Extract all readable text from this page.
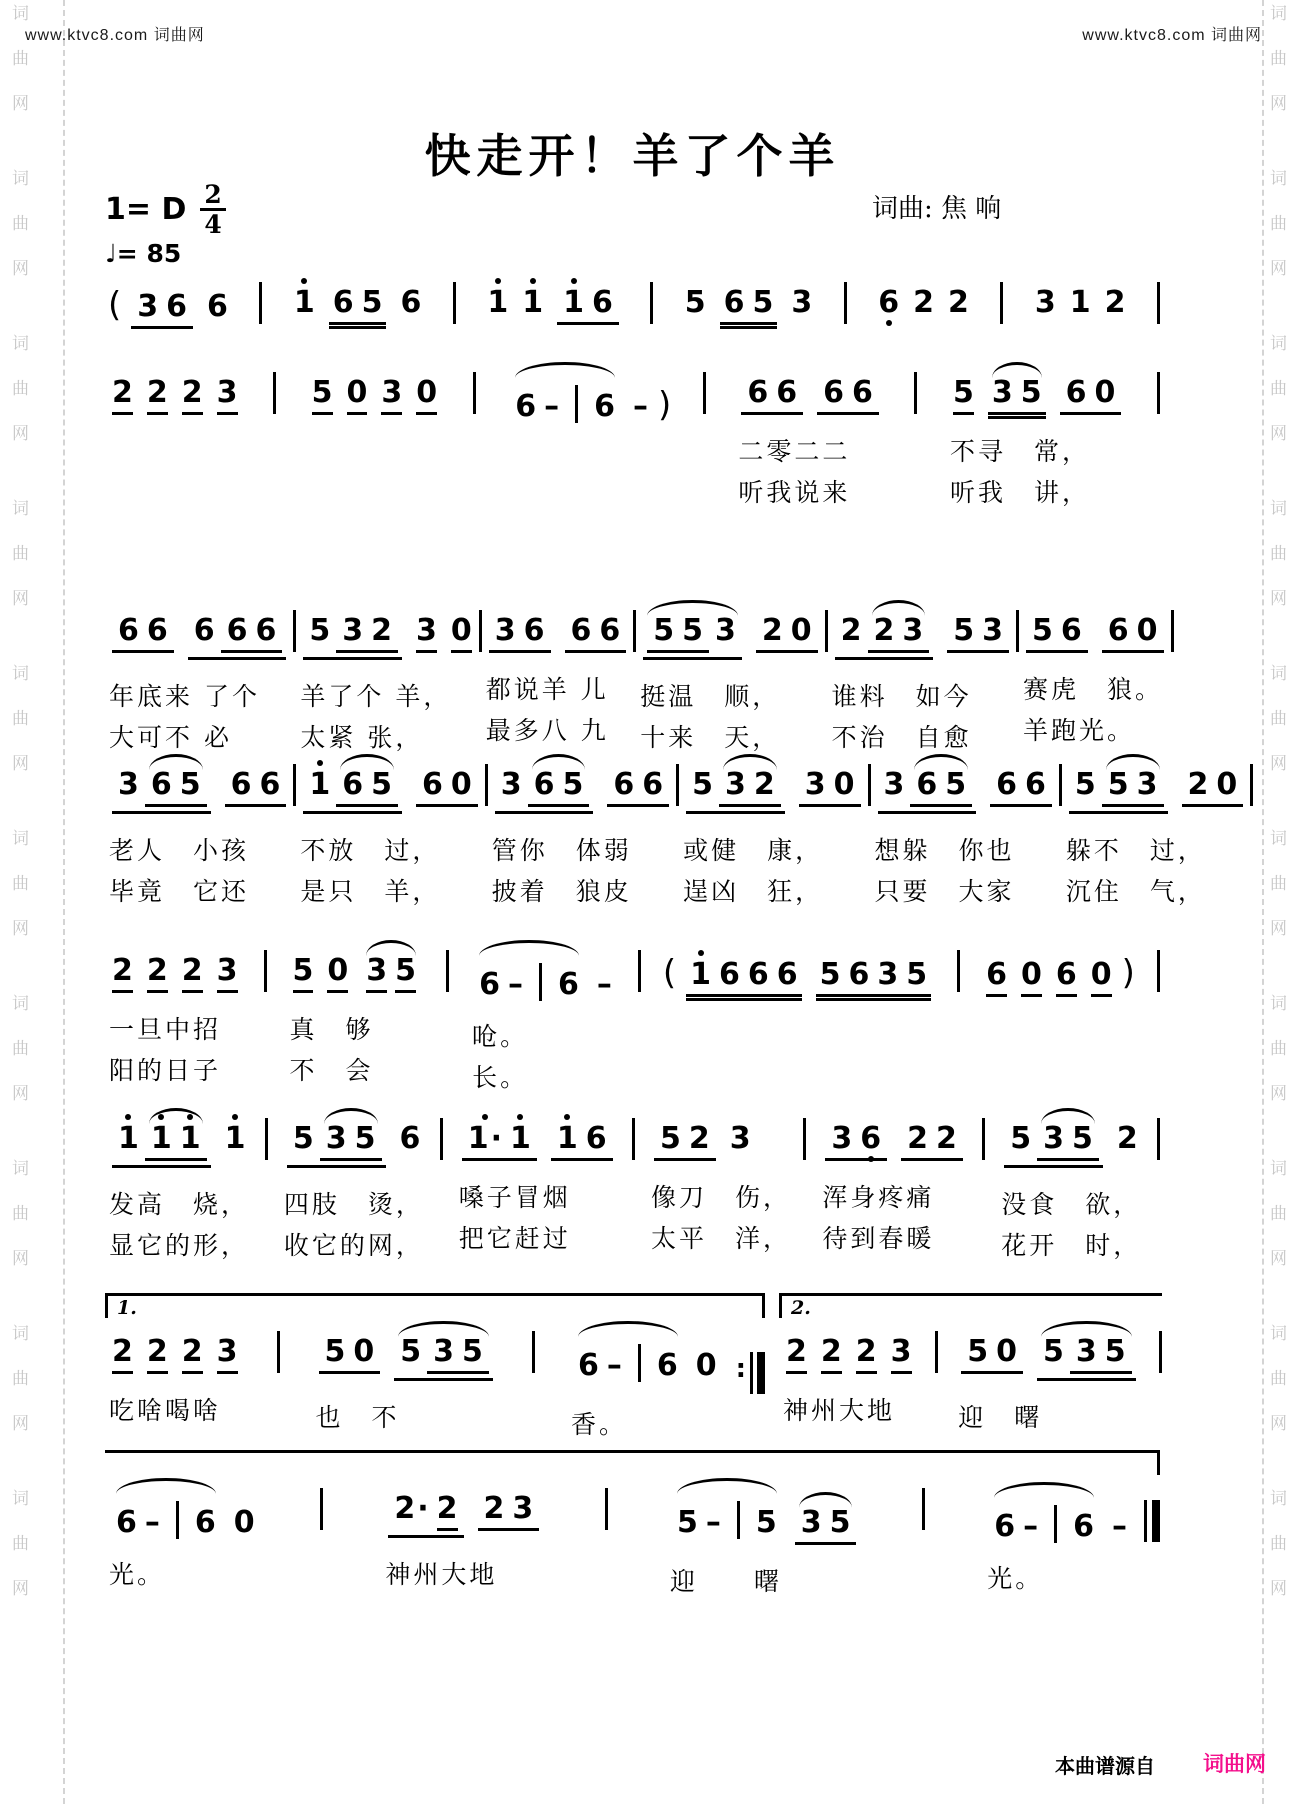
词
曲
网
词
曲
网
词
曲
网
词
曲
网
词
曲
网
词
曲
网
词
曲
网
词
曲
网
词
曲
网
词
曲
网
词
曲
网
词
曲
网
词
曲
网
词
曲
网
词
曲
网
词
曲
网
词
曲
网
词
曲
网
词
曲
网
词
曲
网
www.ktvc8.com 词曲网	www.ktvc8.com 词曲网
快走开！羊了个羊
词曲: 焦 响
1= D $\frac{2}{4}$
♩= 85
( 3 6 6 1 6 5 6 1 1 1 6 5 6 5 3 6 2 2 3 1 2
2 2 2 3

5 0 3 0

	6 – 6 – )

	6 6 6 6
二零二二
听我说来
5 3 5 6 0
不寻　常，
听我　讲，
6 6 6 6 6
年底来 了个
大可不 必
5 3 2 3 0
羊了个 羊，
太紧 张，
3 6 6 6
都说羊 儿
最多八 九
5 5 3 2 0
挺温　顺，
十来　天，
2 2 3 5 3
谁料　如今
不治　自愈
5 6 6 0
赛虎　狼。
羊跑光。
3 6 5 6 6
老人　小孩
毕竟　它还
1 6 5 6 0
不放　过，
是只　羊，
3 6 5 6 6
管你　体弱
披着　狼皮
5 3 2 3 0
或健　康，
逞凶　狂，
3 6 5 6 6
想躲　你也
只要　大家
5 5 3 2 0
躲不　过，
沉住　气，
2 2 2 3
一旦中招
阳的日子
5 0 3 5
真　够
不　会
6 – 6 –
呛。
长。
( 1 6 6 6 5 6 3 5

6 0 6 0 )

1 1 1 1
发高　烧，
显它的形，
5 3 5 6
四肢　烫，
收它的网，
1· 1 1 6
嗓子冒烟
把它赶过
5 2 3
像刀　伤，
太平　洋，
3 6 2 2
浑身疼痛
待到春暖
5 3 5 2
没食　欲，
花开　时，
1.
2 2 2 3
吃啥喝啥
5 0 5 3 5
也　不
6 – 6 0 :
香。
2.
2 2 2 3
神州大地
5 0 5 3 5
迎　曙
6 – 6 0
光。
2· 2 2 3
神州大地
5 – 5 3 5
迎　　曙
6 – 6 –
光。
本曲谱源自 词曲网
